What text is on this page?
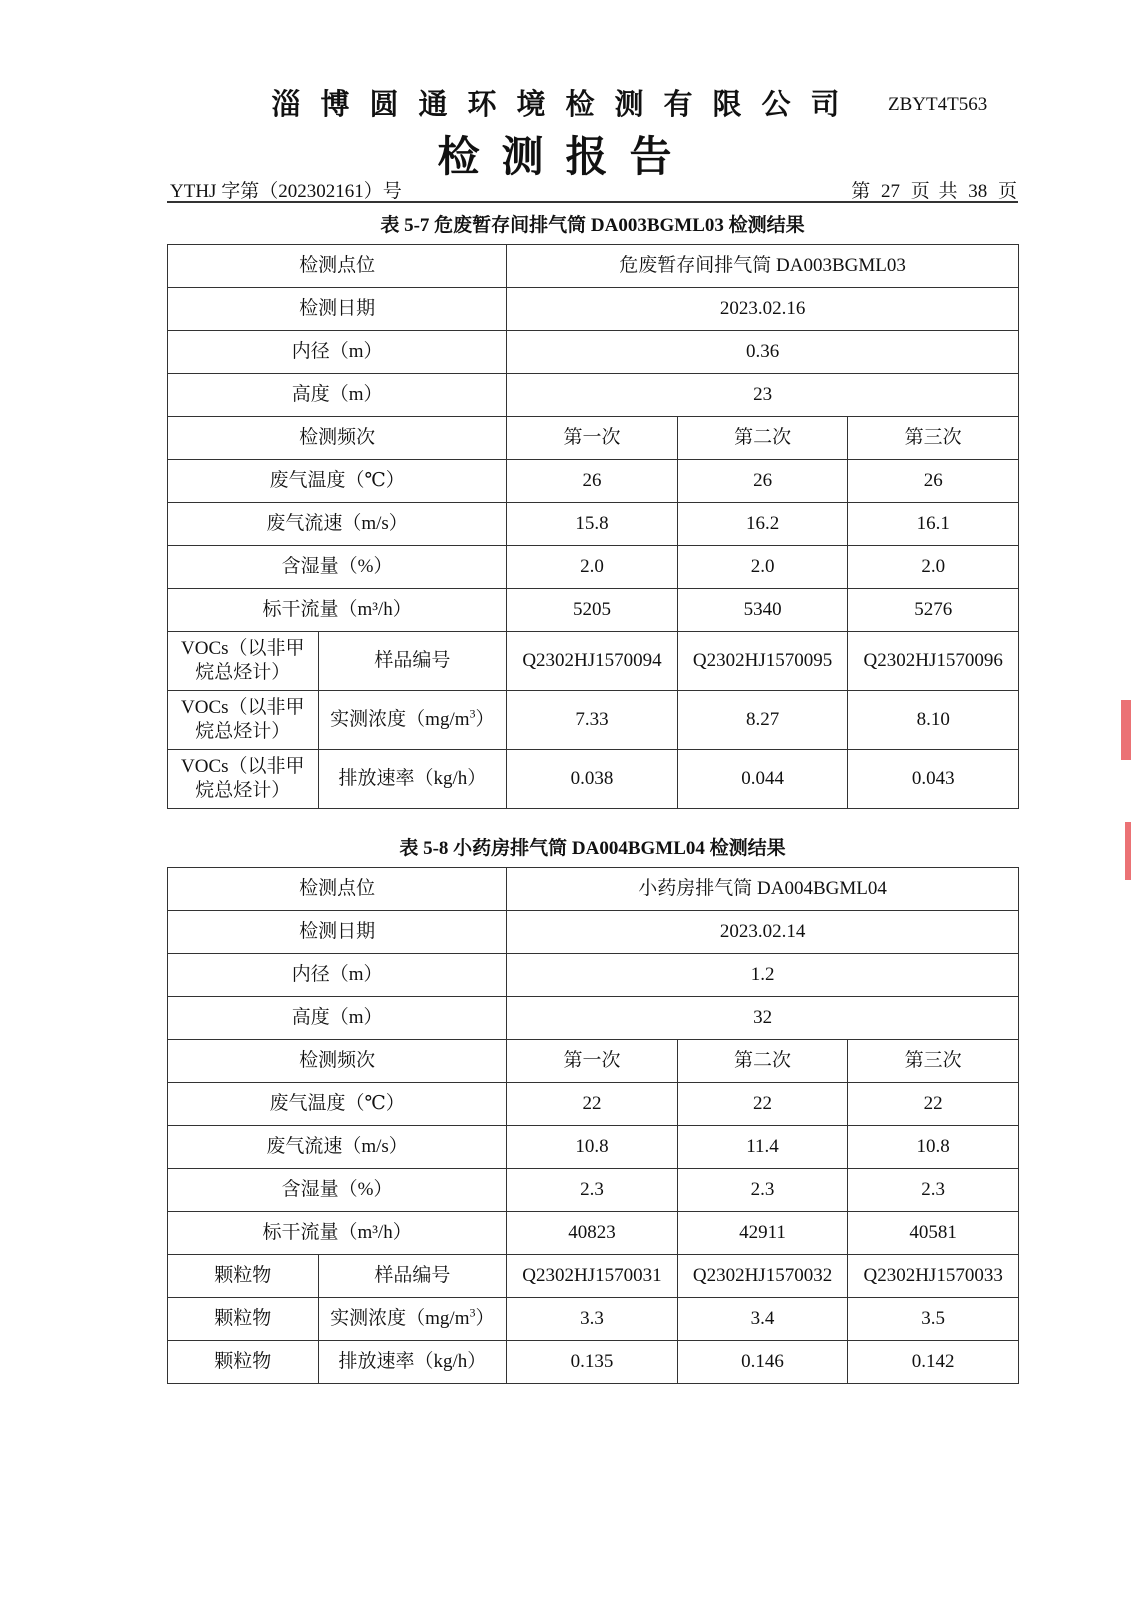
淄博圆通环境检测有限公司	ZBYT4T563
检测报告
YTHJ 字第（202302161）号	第 27 页 共 38 页
表 5-7 危废暂存间排气筒 DA003BGML03 检测结果
检测点位		危废暂存间排气筒 DA003BGML03		
检测日期		2023.02.16		
内径（m）		0.36		
高度（m）		23		
检测频次		第一次	第二次	第三次
废气温度（℃）		26	26	26
废气流速（m/s）		15.8	16.2	16.1
含湿量（%）		2.0	2.0	2.0
标干流量（m³/h）		5205	5340	5276
VOCs（以非甲
烷总烃计）	样品编号	Q2302HJ1570094	Q2302HJ1570095	Q2302HJ1570096
VOCs（以非甲
烷总烃计）	实测浓度$(mg/m^3)$	7.33	8.27	8.10
VOCs（以非甲
烷总烃计）	排放速率（kg/h）	0.038	0.044	0.043
表 5-8 小药房排气筒 DA004BGML04 检测结果
检测点位		小药房排气筒 DA004BGML04		
检测日期		2023.02.14		
内径（m）		1.2		
高度（m）		32		
检测频次		第一次	第二次	第三次
废气温度（℃）		22	22	22
废气流速（m/s）		10.8	11.4	10.8
含湿量（%）		2.3	2.3	2.3
标干流量（m³/h）		40823	42911	40581
颗粒物	样品编号	Q2302HJ1570031	Q2302HJ1570032	Q2302HJ1570033
颗粒物	实测浓度$(mg/m^3)$	3.3	3.4	3.5
颗粒物	排放速率（kg/h）	0.135	0.146	0.142
